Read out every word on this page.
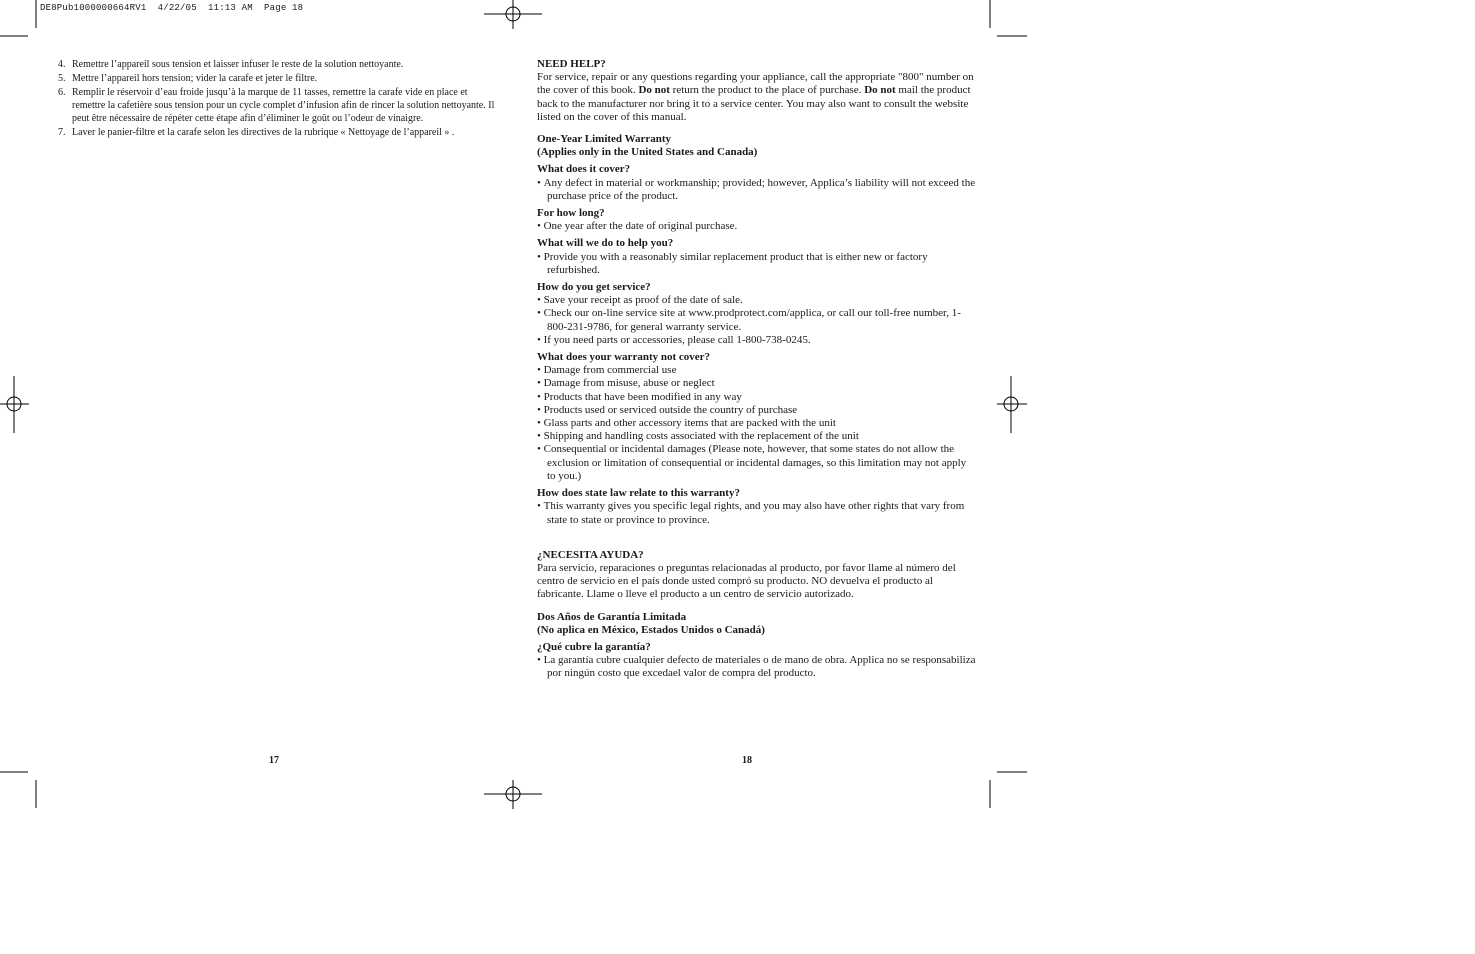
DE8Pub1000000664RV1  4/22/05  11:13 AM  Page 18
4. Remettre l’appareil sous tension et laisser infuser le reste de la solution nettoyante.
5. Mettre l’appareil hors tension; vider la carafe et jeter le filtre.
6. Remplir le réservoir d’eau froide jusqu’à la marque de 11 tasses, remettre la carafe vide en place et remettre la cafetière sous tension pour un cycle complet d’infusion afin de rincer la solution nettoyante. Il peut être nécessaire de répéter cette étape afin d’éliminer le goût ou l’odeur de vinaigre.
7. Laver le panier-filtre et la carafe selon les directives de la rubrique « Nettoyage de l’appareil » .

NEED HELP?

For service, repair or any questions regarding your appliance, call the appropriate "800" number on the cover of this book. Do not return the product to the place of purchase. Do not mail the product back to the manufacturer nor bring it to a service center. You may also want to consult the website listed on the cover of this manual.

One-Year Limited Warranty

(Applies only in the United States and Canada)

What does it cover?

• Any defect in material or workmanship; provided; however, Applica’s liability will not exceed the purchase price of the product.

For how long?

• One year after the date of original purchase.

What will we do to help you?

• Provide you with a reasonably similar replacement product that is either new or factory refurbished.

How do you get service?

• Save your receipt as proof of the date of sale.

• Check our on-line service site at www.prodprotect.com/applica, or call our toll-free number, 1-800-231-9786, for general warranty service.

• If you need parts or accessories, please call 1-800-738-0245.

What does your warranty not cover?

• Damage from commercial use

• Damage from misuse, abuse or neglect

• Products that have been modified in any way

• Products used or serviced outside the country of purchase

• Glass parts and other accessory items that are packed with the unit

• Shipping and handling costs associated with the replacement of the unit

• Consequential or incidental damages (Please note, however, that some states do not allow the exclusion or limitation of consequential or incidental damages, so this limitation may not apply to you.)

How does state law relate to this warranty?

• This warranty gives you specific legal rights, and you may also have other rights that vary from state to state or province to province.

¿NECESITA AYUDA?

Para servicio, reparaciones o preguntas relacionadas al producto, por favor llame al número del centro de servicio en el país donde usted compró su producto. NO devuelva el producto al fabricante. Llame o lleve el producto a un centro de servicio autorizado.

Dos Años de Garantía Limitada

(No aplica en México, Estados Unidos o Canadá)

¿Qué cubre la garantía?

• La garantía cubre cualquier defecto de materiales o de mano de obra. Applica no se responsabiliza por ningún costo que excedael valor de compra del producto.

17	18
